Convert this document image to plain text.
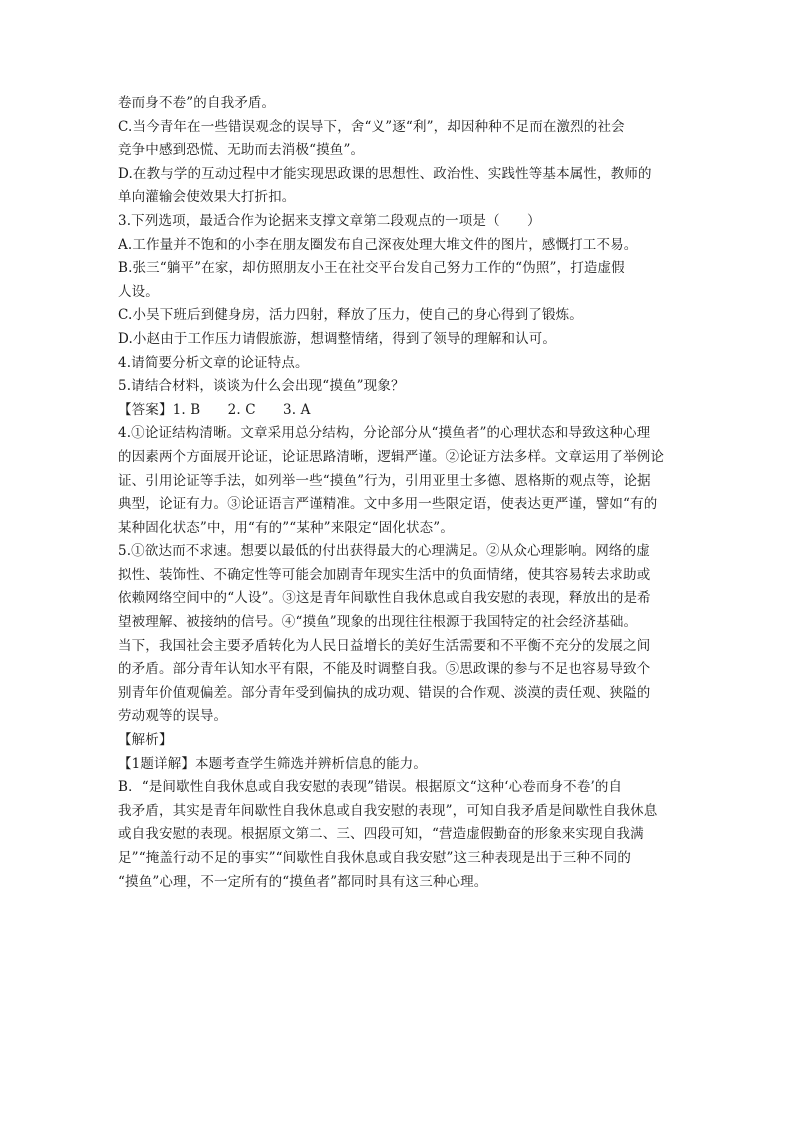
卷而身不卷”的自我矛盾。
C.当今青年在一些错误观念的误导下，舍“义”逐“利”，却因种种不足而在激烈的社会
竞争中感到恐慌、无助而去消极“摸鱼”。
D.在教与学的互动过程中才能实现思政课的思想性、政治性、实践性等基本属性，教师的
单向灌输会使效果大打折扣。
3.下列选项，最适合作为论据来支撑文章第二段观点的一项是（　　）
A.工作量并不饱和的小李在朋友圈发布自己深夜处理大堆文件的图片，感慨打工不易。
B.张三“躺平”在家，却仿照朋友小王在社交平台发自己努力工作的“伪照”，打造虚假
人设。
C.小吴下班后到健身房，活力四射，释放了压力，使自己的身心得到了锻炼。
D.小赵由于工作压力请假旅游，想调整情绪，得到了领导的理解和认可。
4.请简要分析文章的论证特点。
5.请结合材料，谈谈为什么会出现“摸鱼”现象？
【答案】1. B　　2. C　　3. A
4.①论证结构清晰。文章采用总分结构，分论部分从“摸鱼者”的心理状态和导致这种心理
的因素两个方面展开论证，论证思路清晰，逻辑严谨。②论证方法多样。文章运用了举例论
证、引用论证等手法，如列举一些“摸鱼”行为，引用亚里士多德、恩格斯的观点等，论据
典型，论证有力。③论证语言严谨精准。文中多用一些限定语，使表达更严谨，譬如“有的
某种固化状态”中，用“有的”“某种”来限定“固化状态”。
5.①欲达而不求速。想要以最低的付出获得最大的心理满足。②从众心理影响。网络的虚
拟性、装饰性、不确定性等可能会加剧青年现实生活中的负面情绪，使其容易转去求助或
依赖网络空间中的“人设”。③这是青年间歇性自我休息或自我安慰的表现，释放出的是希
望被理解、被接纳的信号。④“摸鱼”现象的出现往往根源于我国特定的社会经济基础。
当下，我国社会主要矛盾转化为人民日益增长的美好生活需要和不平衡不充分的发展之间
的矛盾。部分青年认知水平有限，不能及时调整自我。⑤思政课的参与不足也容易导致个
别青年价值观偏差。部分青年受到偏执的成功观、错误的合作观、淡漠的责任观、狭隘的
劳动观等的误导。
【解析】
【1题详解】本题考查学生筛选并辨析信息的能力。
B．“是间歇性自我休息或自我安慰的表现”错误。根据原文“这种‘心卷而身不卷’的自
我矛盾，其实是青年间歇性自我休息或自我安慰的表现”，可知自我矛盾是间歇性自我休息
或自我安慰的表现。根据原文第二、三、四段可知，“营造虚假勤奋的形象来实现自我满
足”“掩盖行动不足的事实”“间歇性自我休息或自我安慰”这三种表现是出于三种不同的
“摸鱼”心理，不一定所有的“摸鱼者”都同时具有这三种心理。
